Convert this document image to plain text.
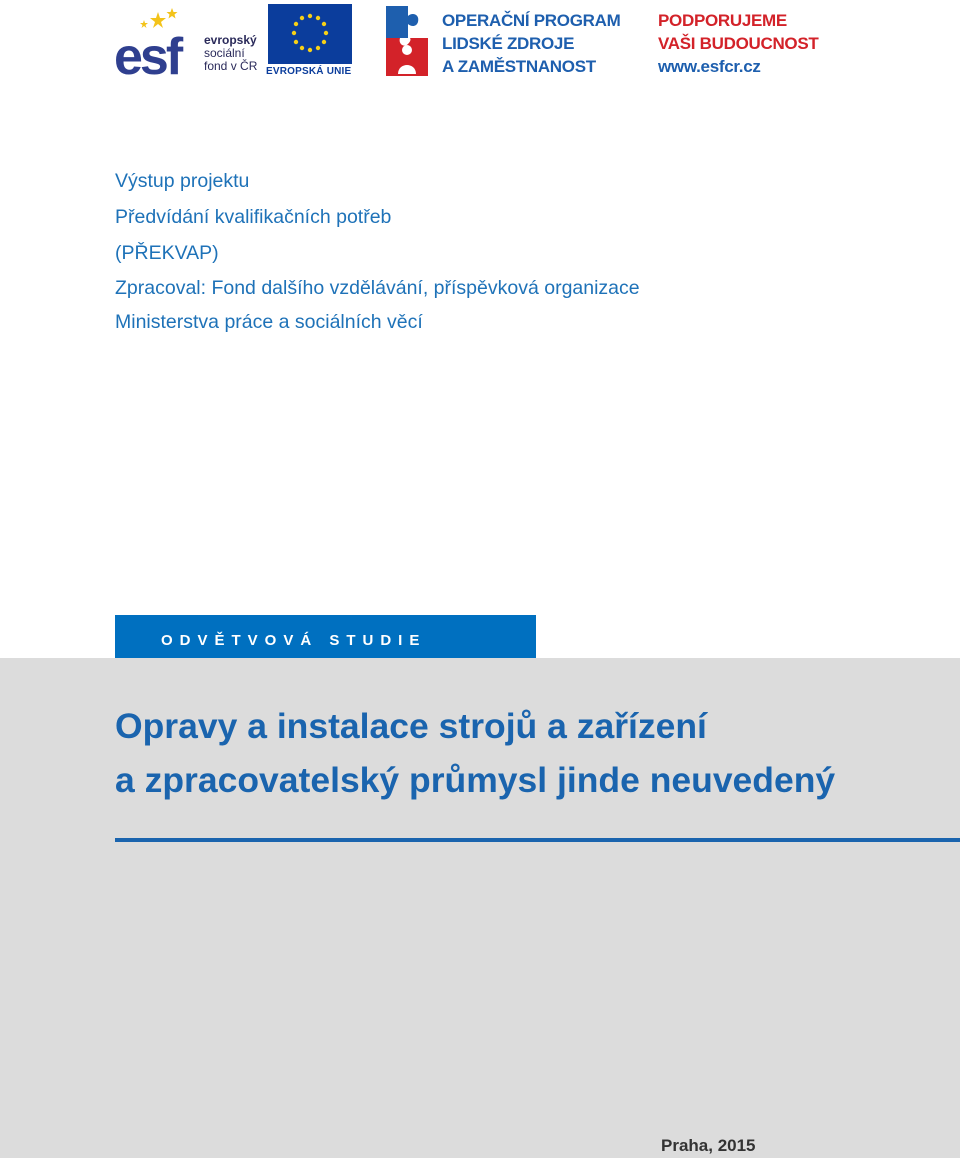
esf	evropský
sociální
fond v ČR EVROPSKÁ UNIE
OPERAČNÍ PROGRAM
LIDSKÉ ZDROJE
A ZAMĚSTNANOST
PODPORUJEME
VAŠI BUDOUCNOST
www.esfcr.cz
Výstup projektu
Předvídání kvalifikačních potřeb
(PŘEKVAP)
Zpracoval: Fond dalšího vzdělávání, příspěvková organizace
Ministerstva práce a sociálních věcí
ODVĚTVOVÁ STUDIE
Opravy a instalace strojů a zařízení
a zpracovatelský průmysl jinde neuvedený
Praha, 2015
